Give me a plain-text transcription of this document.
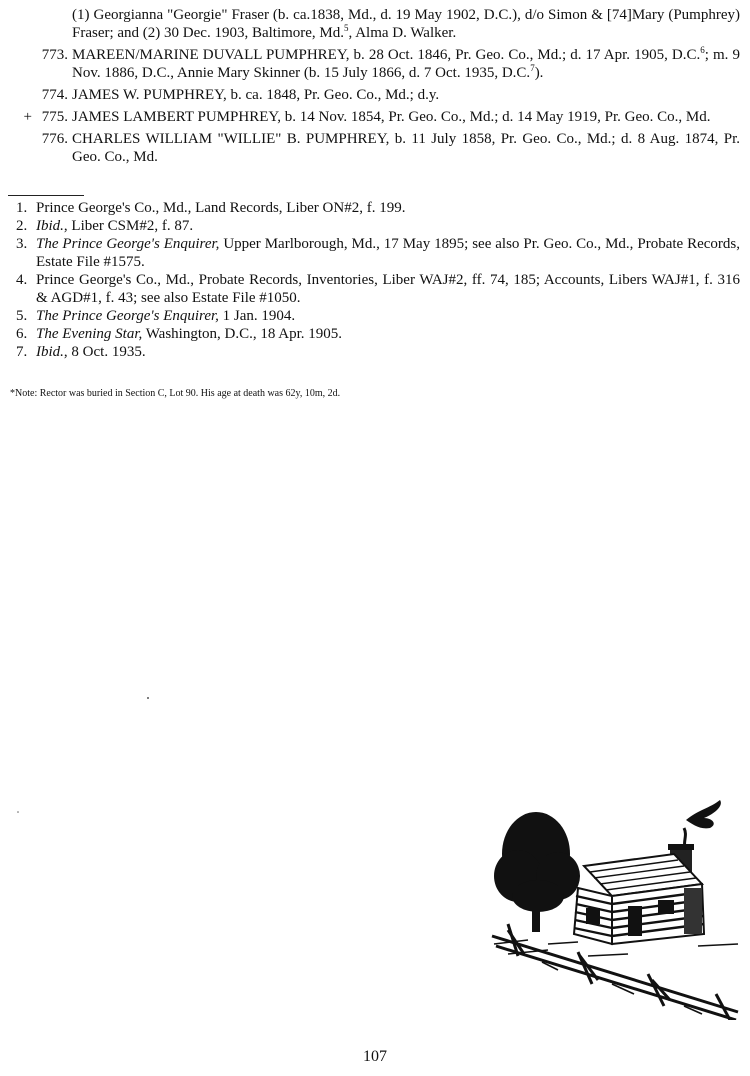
(1) Georgianna "Georgie" Fraser (b. ca.1838, Md., d. 19 May 1902, D.C.), d/o Simon & [74]Mary (Pumphrey) Fraser; and (2) 30 Dec. 1903, Baltimore, Md.$^5$, Alma D. Walker.
773. MAREEN/MARINE DUVALL PUMPHREY, b. 28 Oct. 1846, Pr. Geo. Co., Md.; d. 17 Apr. 1905, D.C.$^6$; m. 9 Nov. 1886, D.C., Annie Mary Skinner (b. 15 July 1866, d. 7 Oct. 1935, D.C.$^7$).
774. JAMES W. PUMPHREY, b. ca. 1848, Pr. Geo. Co., Md.; d.y.
+ 775. JAMES LAMBERT PUMPHREY, b. 14 Nov. 1854, Pr. Geo. Co., Md.; d. 14 May 1919, Pr. Geo. Co., Md.
776. CHARLES WILLIAM "WILLIE" B. PUMPHREY, b. 11 July 1858, Pr. Geo. Co., Md.; d. 8 Aug. 1874, Pr. Geo. Co., Md.
1. Prince George's Co., Md., Land Records, Liber ON#2, f. 199.
2. Ibid., Liber CSM#2, f. 87.
3. The Prince George's Enquirer, Upper Marlborough, Md., 17 May 1895; see also Pr. Geo. Co., Md., Probate Records, Estate File #1575.
4. Prince George's Co., Md., Probate Records, Inventories, Liber WAJ#2, ff. 74, 185; Accounts, Libers WAJ#1, f. 316 & AGD#1, f. 43; see also Estate File #1050.
5. The Prince George's Enquirer, 1 Jan. 1904.
6. The Evening Star, Washington, D.C., 18 Apr. 1905.
7. Ibid., 8 Oct. 1935.
*Note: Rector was buried in Section C, Lot 90. His age at death was 62y, 10m, 2d.
107
